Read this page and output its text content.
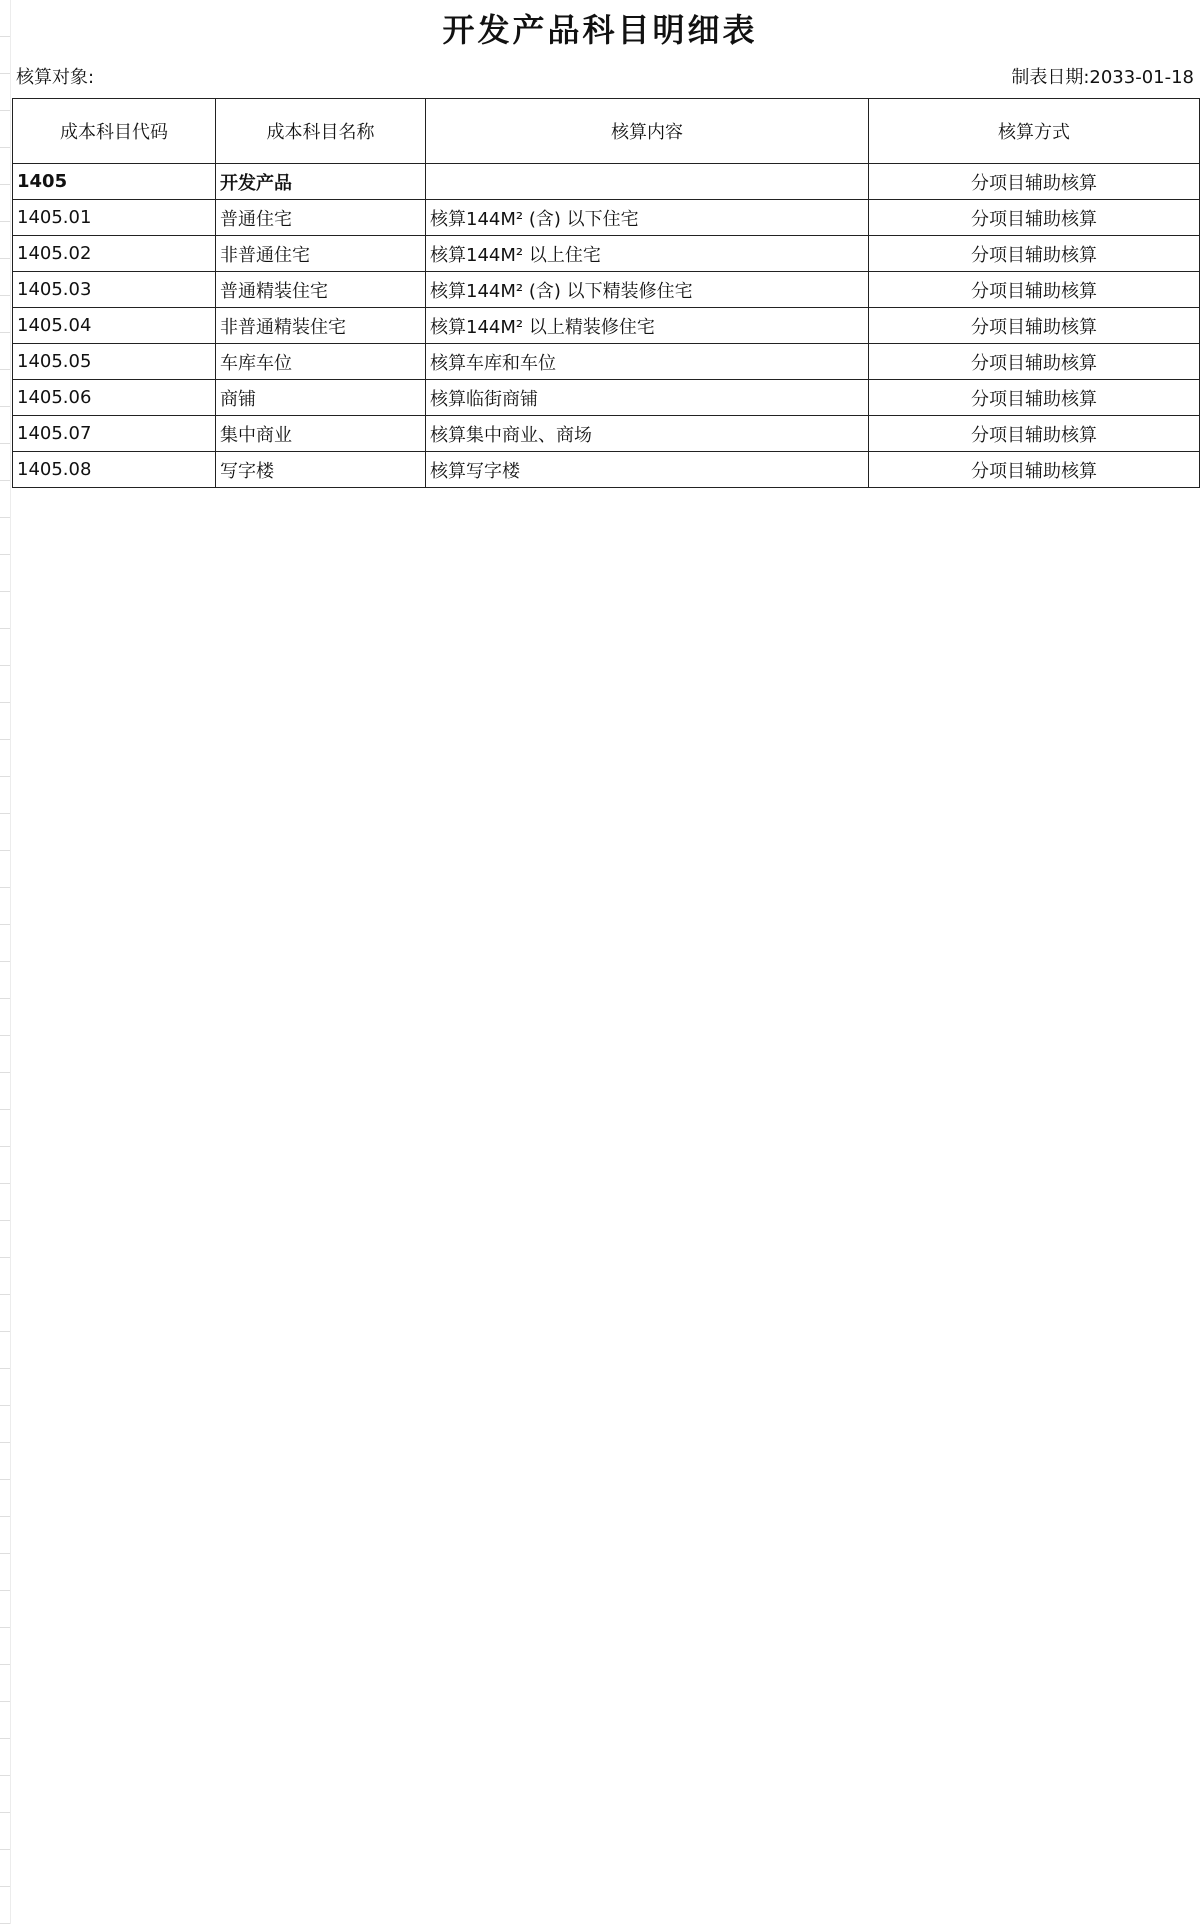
开发产品科目明细表
核算对象:	制表日期:2033-01-18
成本科目代码	成本科目名称	核算内容	核算方式
1405	开发产品		分项目辅助核算
1405.01	普通住宅	核算144M² (含) 以下住宅	分项目辅助核算
1405.02	非普通住宅	核算144M² 以上住宅	分项目辅助核算
1405.03	普通精装住宅	核算144M² (含) 以下精装修住宅	分项目辅助核算
1405.04	非普通精装住宅	核算144M² 以上精装修住宅	分项目辅助核算
1405.05	车库车位	核算车库和车位	分项目辅助核算
1405.06	商铺	核算临街商铺	分项目辅助核算
1405.07	集中商业	核算集中商业、商场	分项目辅助核算
1405.08	写字楼	核算写字楼	分项目辅助核算
